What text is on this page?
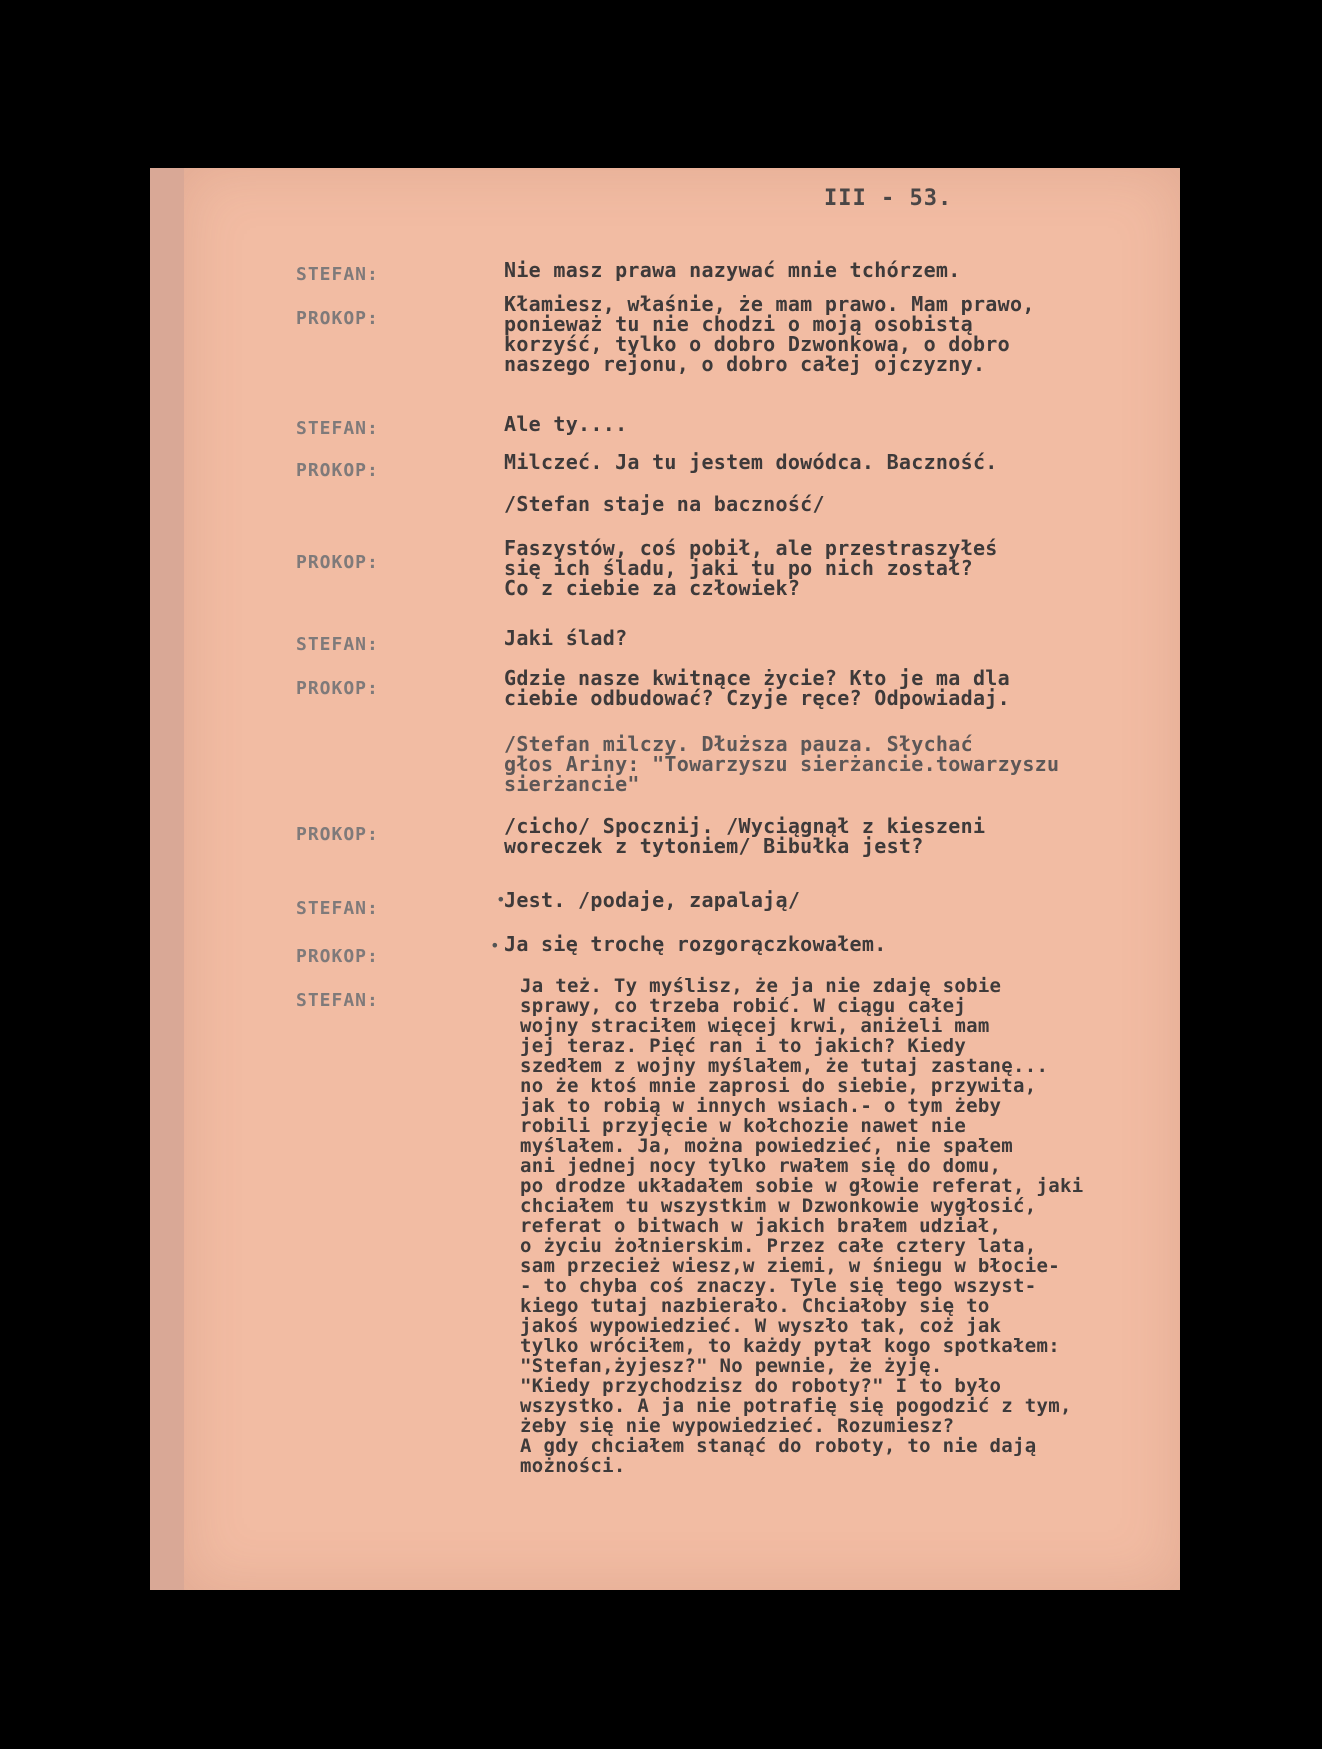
III - 53.
STEFAN:	Nie masz prawa nazywać mnie tchórzem.
PROKOP:
Kłamiesz, właśnie, że mam prawo. Mam prawo,
ponieważ tu nie chodzi o moją osobistą
korzyść, tylko o dobro Dzwonkowa, o dobro
naszego rejonu, o dobro całej ojczyzny.
STEFAN:	Ale ty....
PROKOP:	Milczeć. Ja tu jestem dowódca. Baczność.
/Stefan staje na baczność/
PROKOP:
Faszystów, coś pobił, ale przestraszyłeś
się ich śladu, jaki tu po nich został?
Co z ciebie za człowiek?
STEFAN:	Jaki ślad?
PROKOP:	Gdzie nasze kwitnące życie? Kto je ma dla
ciebie odbudować? Czyje ręce? Odpowiadaj.
/Stefan milczy. Dłuższa pauza. Słychać
głos Ariny: "Towarzyszu sierżancie.towarzyszu
sierżancie"
PROKOP:	/cicho/ Spocznij. /Wyciągnął z kieszeni
woreczek z tytoniem/ Bibułka jest?
STEFAN:	•
Jest. /podaje, zapalają/
PROKOP:
• Ja się trochę rozgorączkowałem.
STEFAN:
Ja też. Ty myślisz, że ja nie zdaję sobie
sprawy, co trzeba robić. W ciągu całej
wojny straciłem więcej krwi, aniżeli mam
jej teraz. Pięć ran i to jakich? Kiedy
szedłem z wojny myślałem, że tutaj zastanę...
no że ktoś mnie zaprosi do siebie, przywita,
jak to robią w innych wsiach.- o tym żeby
robili przyjęcie w kołchozie nawet nie
myślałem. Ja, można powiedzieć, nie spałem
ani jednej nocy tylko rwałem się do domu,
po drodze układałem sobie w głowie referat, jaki
chciałem tu wszystkim w Dzwonkowie wygłosić,
referat o bitwach w jakich brałem udział,
o życiu żołnierskim. Przez całe cztery lata,
sam przecież wiesz,w ziemi, w śniegu w błocie-
- to chyba coś znaczy. Tyle się tego wszyst-
kiego tutaj nazbierało. Chciałoby się to
jakoś wypowiedzieć. W wyszło tak, coż jak
tylko wróciłem, to każdy pytał kogo spotkałem:
"Stefan,żyjesz?" No pewnie, że żyję.
"Kiedy przychodzisz do roboty?" I to było
wszystko. A ja nie potrafię się pogodzić z tym,
żeby się nie wypowiedzieć. Rozumiesz?
A gdy chciałem stanąć do roboty, to nie dają
możności.
